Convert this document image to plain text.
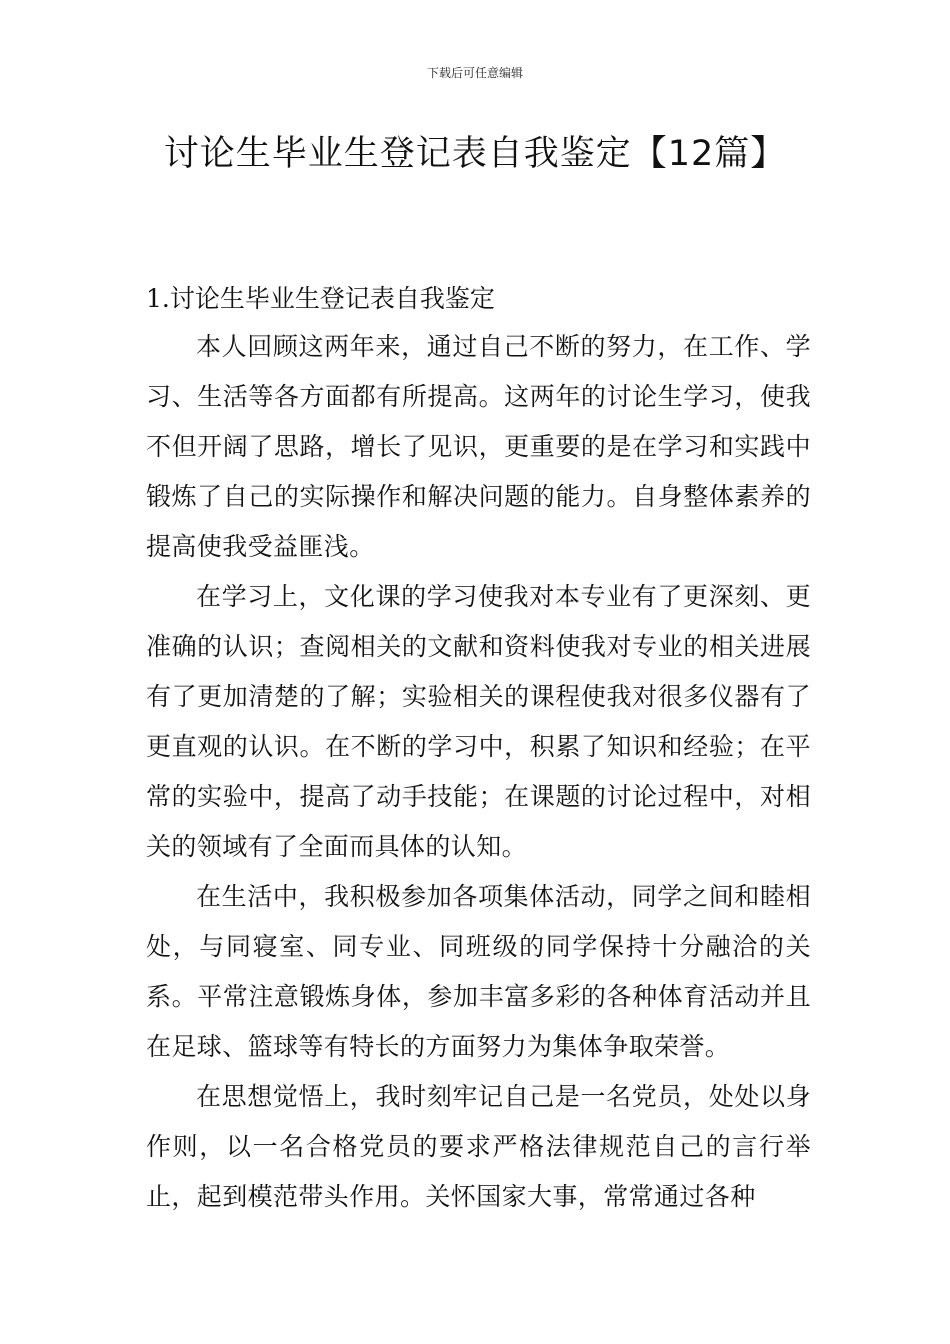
下载后可任意编辑
讨论生毕业生登记表自我鉴定【12篇】
1.讨论生毕业生登记表自我鉴定

本人回顾这两年来，通过自己不断的努力，在工作、学习、生活等各方面都有所提高。这两年的讨论生学习，使我不但开阔了思路，增长了见识，更重要的是在学习和实践中锻炼了自己的实际操作和解决问题的能力。自身整体素养的提高使我受益匪浅。

在学习上，文化课的学习使我对本专业有了更深刻、更准确的认识；查阅相关的文献和资料使我对专业的相关进展有了更加清楚的了解；实验相关的课程使我对很多仪器有了更直观的认识。在不断的学习中，积累了知识和经验；在平常的实验中，提高了动手技能；在课题的讨论过程中，对相关的领域有了全面而具体的认知。

在生活中，我积极参加各项集体活动，同学之间和睦相处，与同寝室、同专业、同班级的同学保持十分融洽的关系。平常注意锻炼身体，参加丰富多彩的各种体育活动并且在足球、篮球等有特长的方面努力为集体争取荣誉。

在思想觉悟上，我时刻牢记自己是一名党员，处处以身作则，以一名合格党员的要求严格法律规范自己的言行举止，起到模范带头作用。关怀国家大事，常常通过各种
